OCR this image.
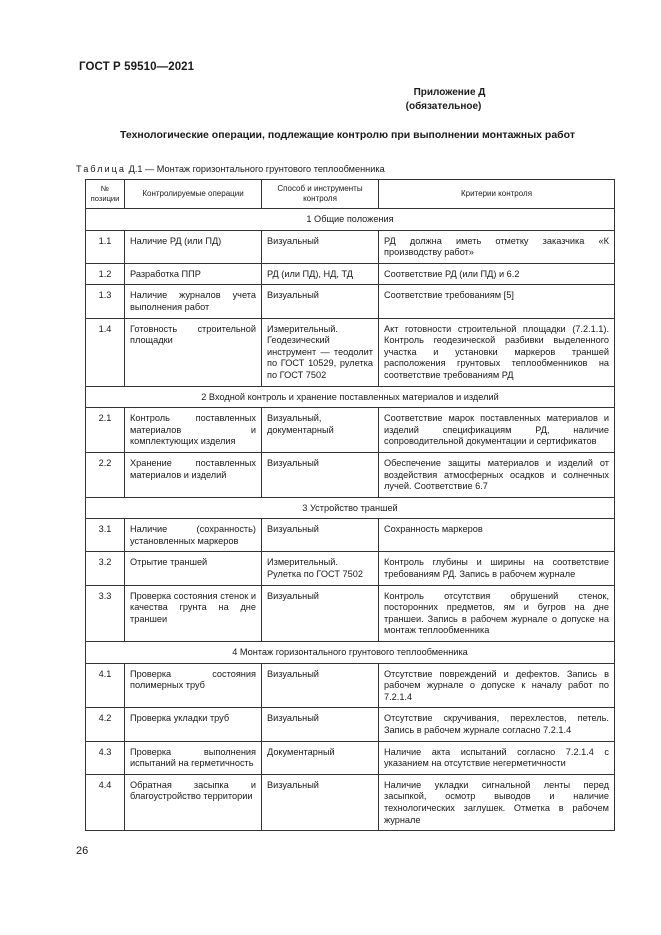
ГОСТ Р 59510—2021
Приложение Д
(обязательное)
Технологические операции, подлежащие контролю при выполнении монтажных работ
Таблица Д.1 — Монтаж горизонтального грунтового теплообменника
№ позиции	Контролируемые операции	Способ и инструменты контроля	Критерии контроля
1 Общие положения			
1.1	Наличие РД (или ПД)	Визуальный	РД должна иметь отметку заказчика «К производству работ»
1.2	Разработка ППР	РД (или ПД), НД, ТД	Соответствие РД (или ПД) и 6.2
1.3	Наличие журналов учета выполнения работ	Визуальный	Соответствие требованиям [5]
1.4	Готовность строительной площадки	Измерительный. Геодезический инструмент — теодолит по ГОСТ 10529, рулетка по ГОСТ 7502	Акт готовности строительной площадки (7.2.1.1). Контроль геодезической разбивки выделенного участка и установки маркеров траншей расположения грунтовых теплообменников на соответствие требованиям РД
2 Входной контроль и хранение поставленных материалов и изделий			
2.1	Контроль поставленных материалов и комплектующих изделия	Визуальный, документарный	Соответствие марок поставленных материалов и изделий спецификациям РД, наличие сопроводительной документации и сертификатов
2.2	Хранение поставленных материалов и изделий	Визуальный	Обеспечение защиты материалов и изделий от воздействия атмосферных осадков и солнечных лучей. Соответствие 6.7
3 Устройство траншей			
3.1	Наличие (сохранность) установленных маркеров	Визуальный	Сохранность маркеров
3.2	Отрытие траншей	Измерительный. Рулетка по ГОСТ 7502	Контроль глубины и ширины на соответствие требованиям РД. Запись в рабочем журнале
3.3	Проверка состояния стенок и качества грунта на дне траншеи	Визуальный	Контроль отсутствия обрушений стенок, посторонних предметов, ям и бугров на дне траншеи. Запись в рабочем журнале о допуске на монтаж теплообменника
4 Монтаж горизонтального грунтового теплообменника			
4.1	Проверка состояния полимерных труб	Визуальный	Отсутствие повреждений и дефектов. Запись в рабочем журнале о допуске к началу работ по 7.2.1.4
4.2	Проверка укладки труб	Визуальный	Отсутствие скручивания, перехлестов, петель. Запись в рабочем журнале согласно 7.2.1.4
4.3	Проверка выполнения испытаний на герметичность	Документарный	Наличие акта испытаний согласно 7.2.1.4 с указанием на отсутствие негерметичности
4.4	Обратная засыпка и благоустройство территории	Визуальный	Наличие укладки сигнальной ленты перед засыпкой, осмотр выводов и наличие технологических заглушек. Отметка в рабочем журнале
26
